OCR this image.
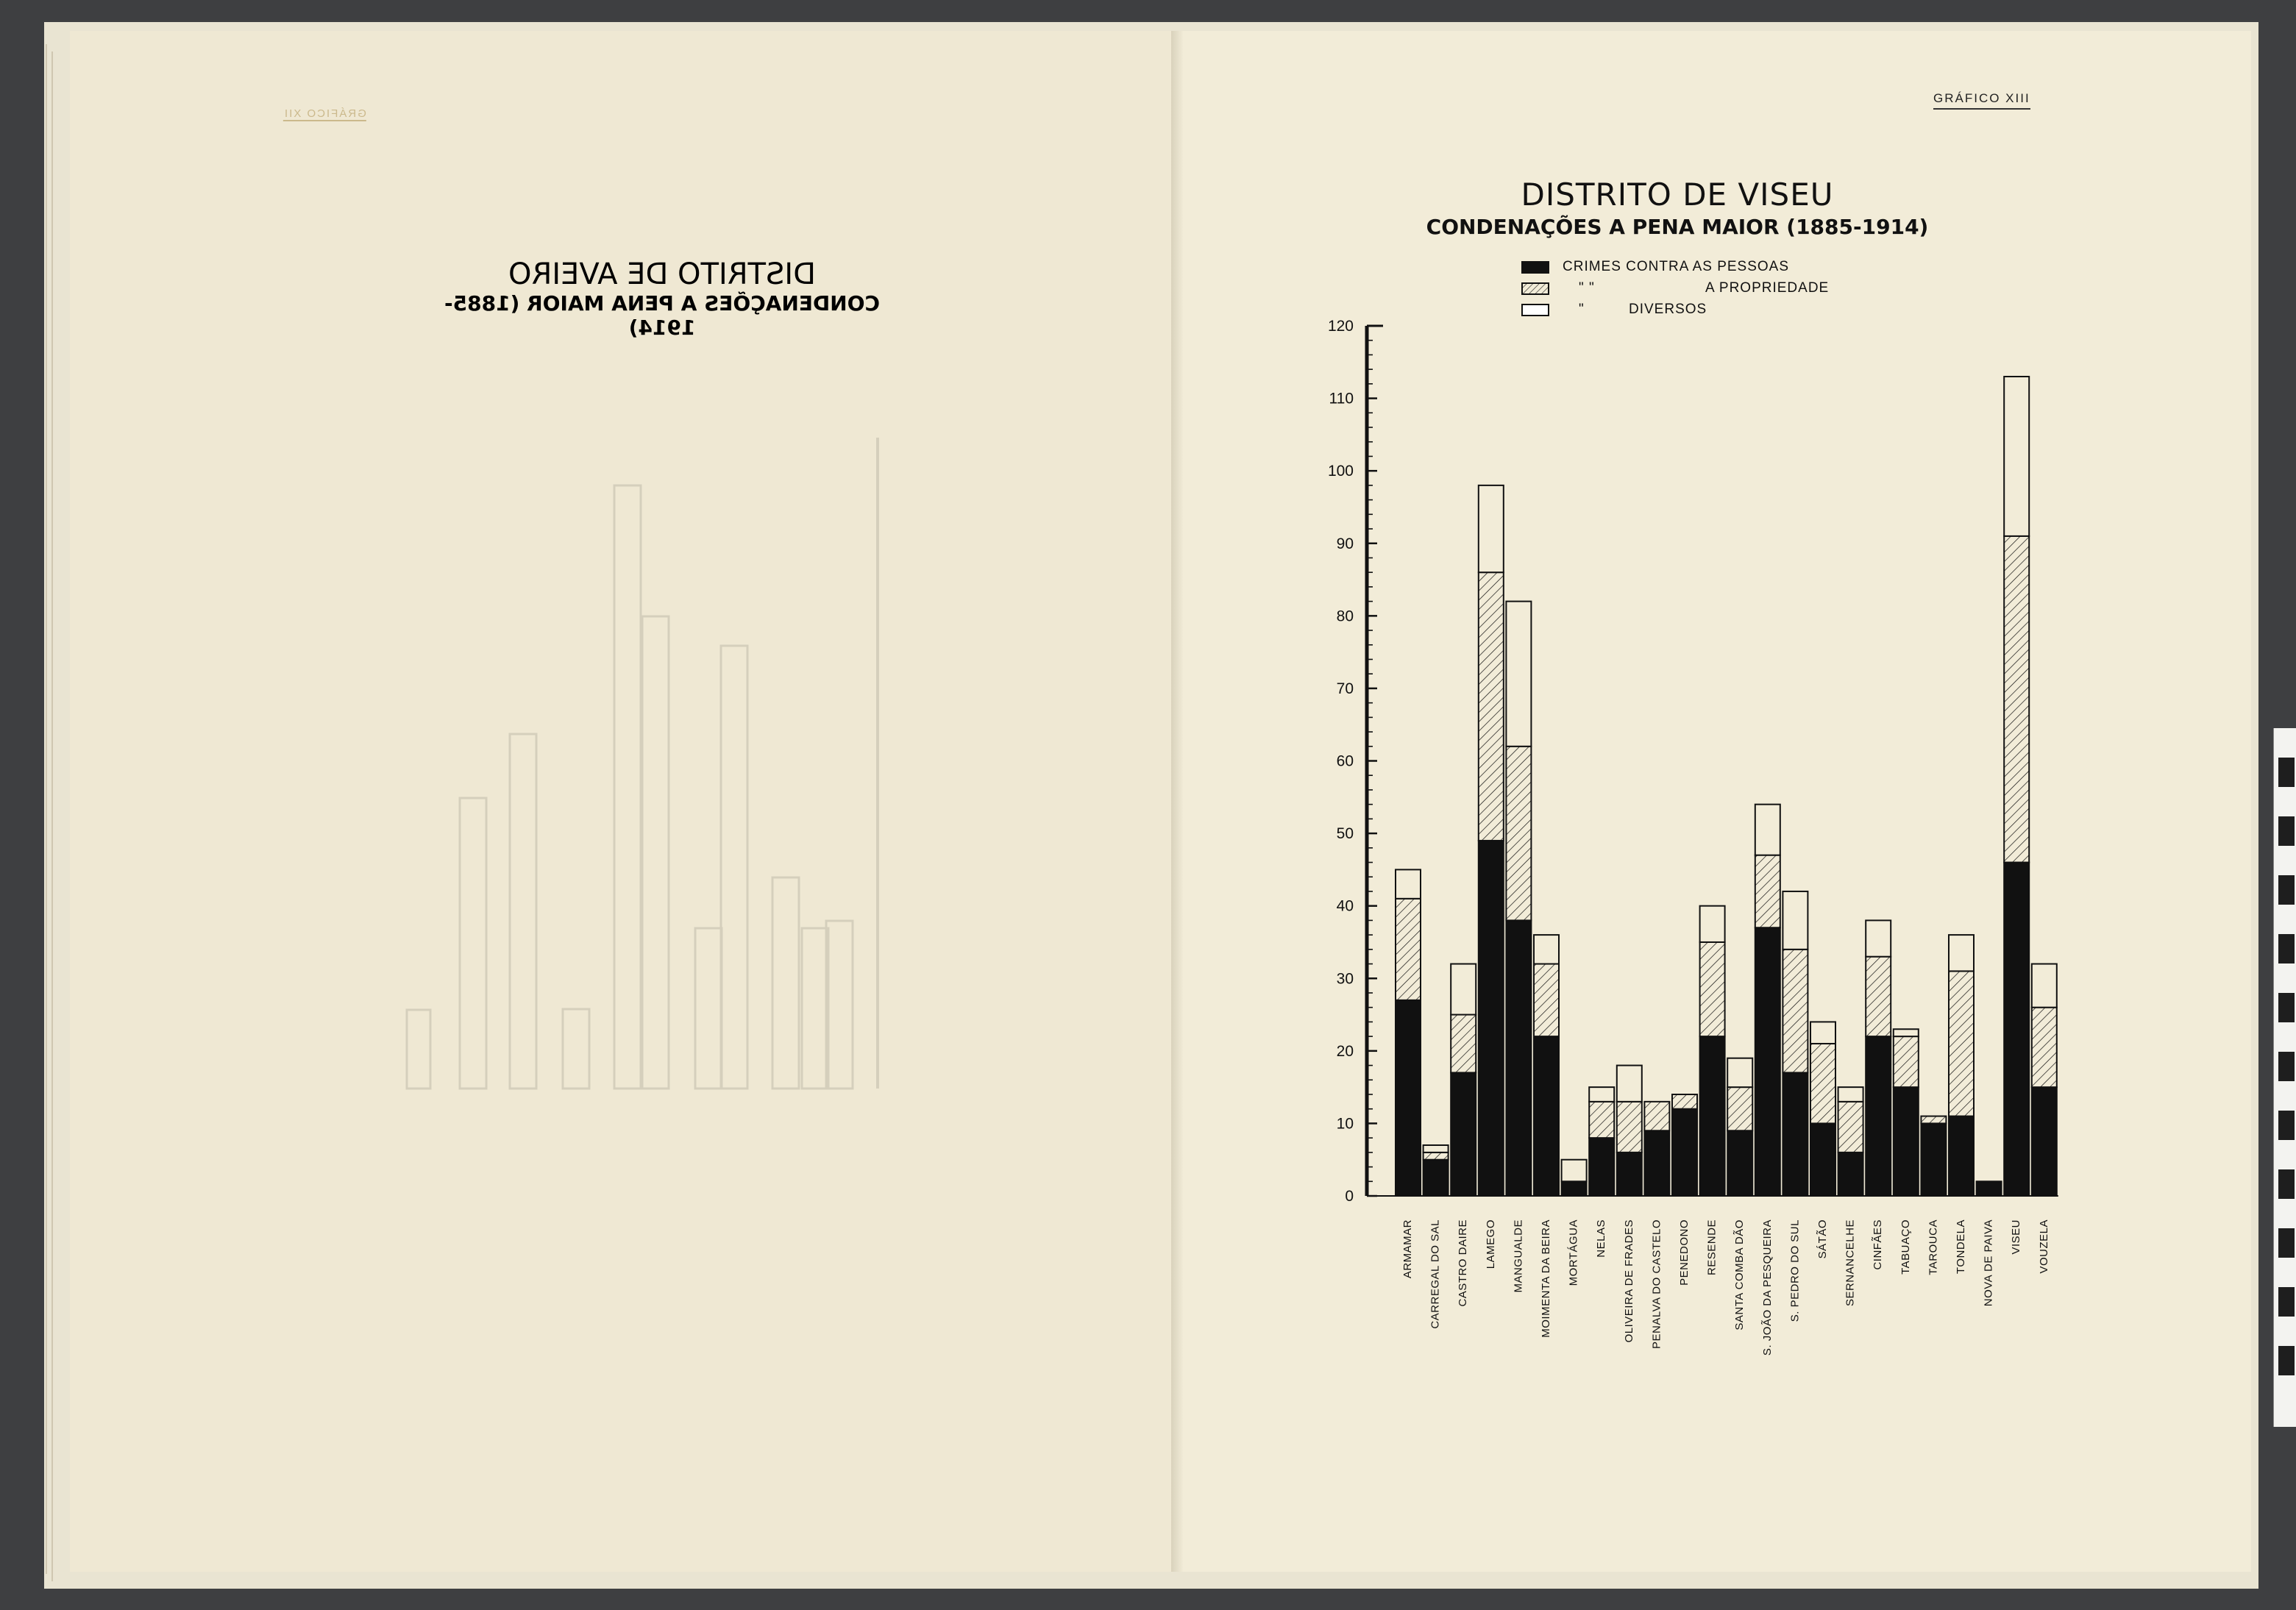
GRÁFICO XII
DISTRITO DE AVEIRO
CONDENAÇÕES A PENA MAIOR (1885-1914)
GRÁFICO XIII
DISTRITO DE VISEU
CONDENAÇÕES A PENA MAIOR (1885-1914)
CRIMES CONTRA AS PESSOAS
" "	A PROPRIEDADE
"	DIVERSOS
0
10
20
30
40
50
60
70
80
90
100
110
120
ARMAMAR CARREGAL DO SAL CASTRO DAIRE LAMEGO MANGUALDE MOIMENTA DA BEIRA MORTÁGUA NELAS OLIVEIRA DE FRADES PENALVA DO CASTELO PENEDONO RESENDE SANTA COMBA DÃO S. JOÃO DA PESQUEIRA S. PEDRO DO SUL SÁTÃO SERNANCELHE CINFÃES TABUAÇO TAROUCA TONDELA NOVA DE PAIVA VISEU VOUZELA
